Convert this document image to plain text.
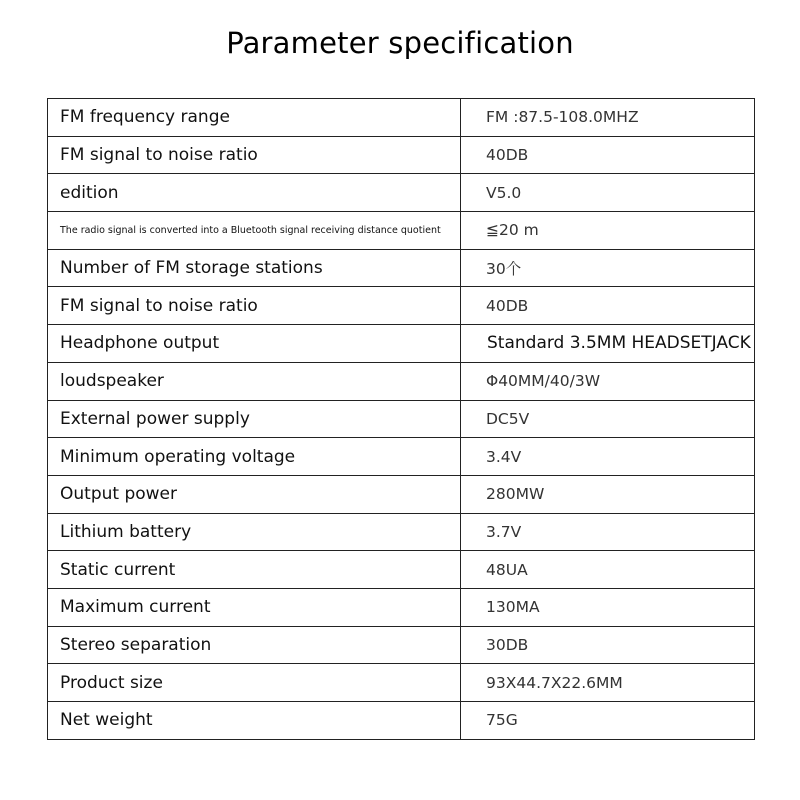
Parameter specification
FM frequency range	FM :87.5-108.0MHZ
FM signal to noise ratio	40DB
edition	V5.0
The radio signal is converted into a Bluetooth signal receiving distance quotient	≦20 m
Number of FM storage stations	30个
FM signal to noise ratio	40DB
Headphone output	Standard 3.5MM HEADSETJACK
loudspeaker	Φ40MM/40/3W
External power supply	DC5V
Minimum operating voltage	3.4V
Output power	280MW
Lithium battery	3.7V
Static current	48UA
Maximum current	130MA
Stereo separation	30DB
Product size	93X44.7X22.6MM
Net weight	75G
